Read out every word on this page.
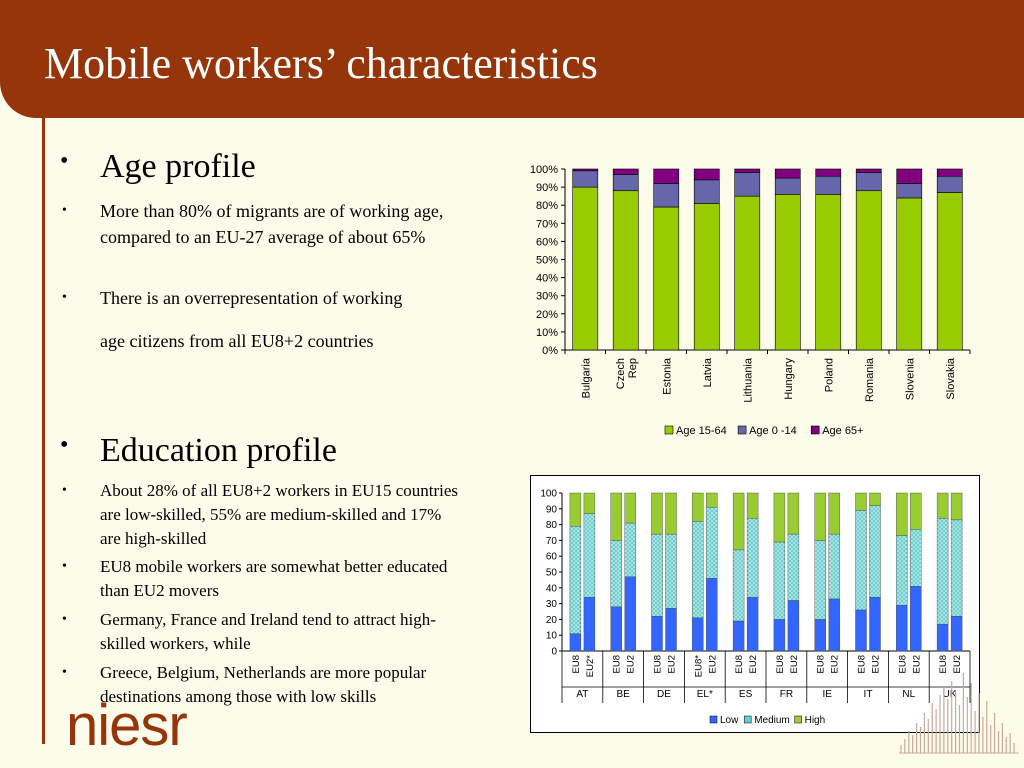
Mobile workers’ characteristics
• Age profile
• More than 80% of migrants are of working age, compared to an EU-27 average of about 65%
• There is an overrepresentation of working
age citizens from all EU8+2 countries
• Education profile
• About 28% of all EU8+2 workers in EU15 countries are low-skilled, 55% are medium-skilled and 17% are high-skilled
• EU8 mobile workers are somewhat better educated than EU2 movers
• Germany, France and Ireland tend to attract high-skilled workers, while
• Greece, Belgium, Netherlands are more popular destinations among those with low skills
0%
10%
20%
30%
40%
50%
60%
70%
80%
90%
100%
Bulgaria CzechRep Estonia	Latvia	Lithuania	Hungary	Poland	Romania	Slovenia	Slovakia
Age 15-64 Age 0 -14 Age 65+
0
10
20
30
40
50
60
70
80
90
100
EU8 EU2*
AT
EU8 EU2
BE
EU8 EU2
DE
EU8* EU2
EL*
EU8 EU2
ES
EU8 EU2
FR
EU8 EU2
IE
EU8 EU2
IT
EU8 EU2
NL
EU8 EU2
UK
Low Medium High
niesr
